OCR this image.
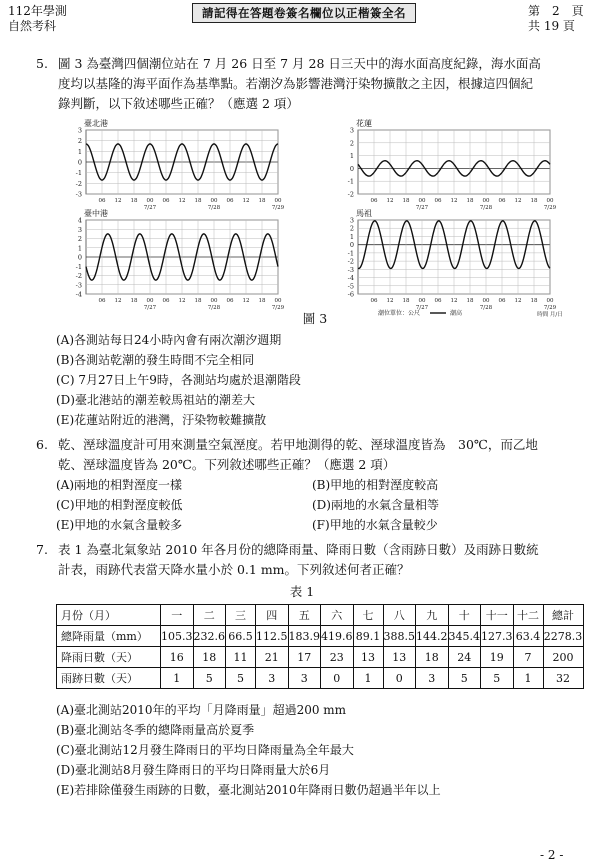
112年學測
自然考科
請記得在答題卷簽名欄位以正楷簽全名	第　2　頁
共 19 頁
5. 圖 3 為臺灣四個潮位站在 7 月 26 日至 7 月 28 日三天中的海水面高度紀錄，海水面高
度均以基隆的海平面作為基準點。若潮汐為影響港灣汙染物擴散之主因，根據這四個紀
錄判斷，以下敘述哪些正確？（應選 2 項）
3
2
1
0
-1
-2
-3
06 12 18 00 06 12 18 00 06 12 18 00
7/27	7/28	7/29
臺北港
3
2
1
0
-1
-2
06 12 18 00 06 12 18 00 06 12 18 00
7/27	7/28	7/29
花蓮
4
3
2
1
0
-1
-2
-3
-4
06 12 18 00 06 12 18 00 06 12 18 00
7/27	7/28	7/29
臺中港
3
2
1
0
-1
-2
-3
-4
-5
-6
06 12 18 00 06 12 18 00 06 12 18 00
7/27	7/28	7/29
馬祖
時間 月/日
潮位單位：公尺	潮高
圖 3
(A)各測站每日24小時內會有兩次潮汐週期
(B)各測站乾潮的發生時間不完全相同
(C) 7月27日上午9時，各測站均處於退潮階段
(D)臺北港站的潮差較馬祖站的潮差大
(E)花蓮站附近的港灣，汙染物較難擴散
6. 乾、溼球溫度計可用來測量空氣溼度。若甲地測得的乾、溼球溫度皆為　30℃，而乙地
乾、溼球溫度皆為 20℃。下列敘述哪些正確？（應選 2 項）
(A)兩地的相對溼度一樣
(C)甲地的相對溼度較低
(E)甲地的水氣含量較多
(B)甲地的相對溼度較高
(D)兩地的水氣含量相等
(F)甲地的水氣含量較少
7. 表 1 為臺北氣象站 2010 年各月份的總降雨量、降雨日數（含雨跡日數）及雨跡日數統
計表，雨跡代表當天降水量小於 0.1 mm。下列敘述何者正確？
表 1
月份（月）	一	二	三	四	五	六	七	八	九	十	十一	十二	總計
總降雨量（mm）	105.3	232.6	66.5	112.5	183.9	419.6	89.1	388.5	144.2	345.4	127.3	63.4	2278.3
降雨日數（天）	16	18	11	21	17	23	13	13	18	24	19	7	200
雨跡日數（天）	1	5	5	3	3	0	1	0	3	5	5	1	32
(A)臺北測站2010年的平均「月降雨量」超過200 mm
(B)臺北測站冬季的總降雨量高於夏季
(C)臺北測站12月發生降雨日的平均日降雨量為全年最大
(D)臺北測站8月發生降雨日的平均日降雨量大於6月
(E)若排除僅發生雨跡的日數，臺北測站2010年降雨日數仍超過半年以上
- 2 -
